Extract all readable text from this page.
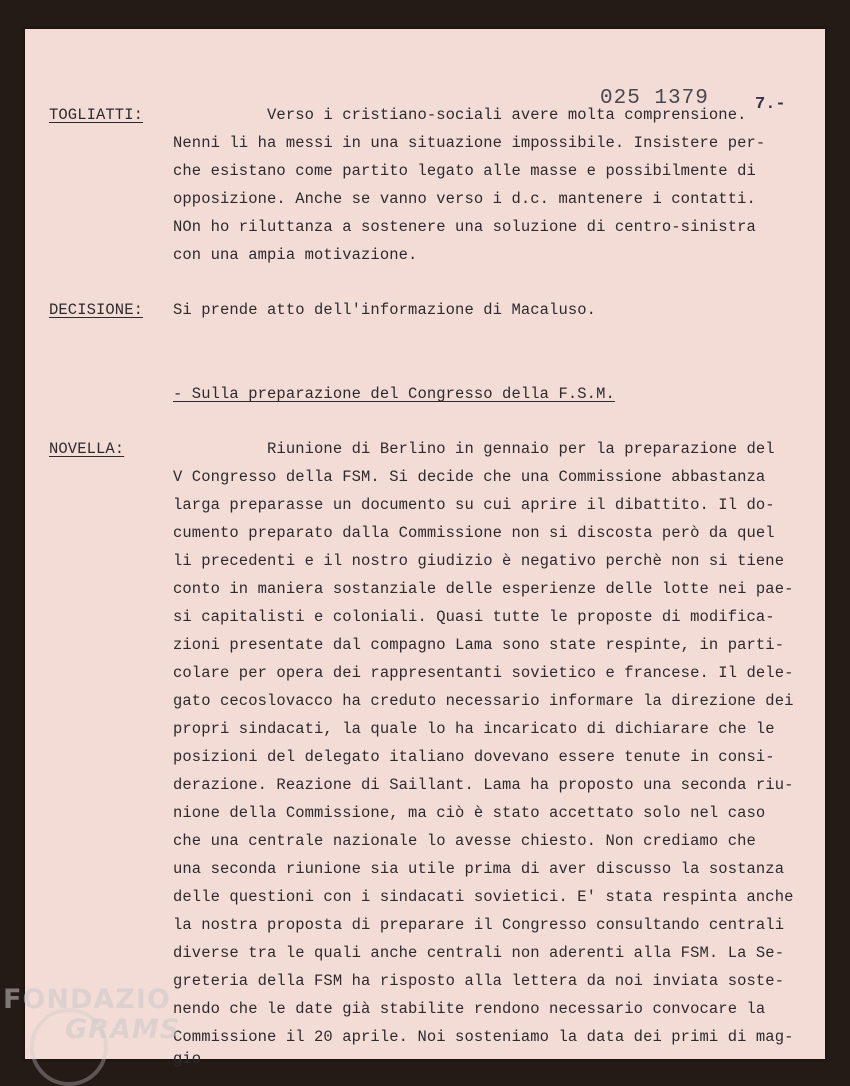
025 1379	7.-
TOGLIATTI: Verso i cristiano-sociali avere molta comprensione.
Nenni li ha messi in una situazione impossibile. Insistere per-
che esistano come partito legato alle masse e possibilmente di
opposizione. Anche se vanno verso i d.c. mantenere i contatti.
NOn ho riluttanza a sostenere una soluzione di centro-sinistra
con una ampia motivazione.
DECISIONE: Si prende atto dell'informazione di Macaluso.
- Sulla preparazione del Congresso della F.S.M.
NOVELLA:	Riunione di Berlino in gennaio per la preparazione del
V Congresso della FSM. Si decide che una Commissione abbastanza
larga preparasse un documento su cui aprire il dibattito. Il do-
cumento preparato dalla Commissione non si discosta però da quel
li precedenti e il nostro giudizio è negativo perchè non si tiene
conto in maniera sostanziale delle esperienze delle lotte nei pae-
si capitalisti e coloniali. Quasi tutte le proposte di modifica-
zioni presentate dal compagno Lama sono state respinte, in parti-
colare per opera dei rappresentanti sovietico e francese. Il dele-
gato cecoslovacco ha creduto necessario informare la direzione dei
propri sindacati, la quale lo ha incaricato di dichiarare che le
posizioni del delegato italiano dovevano essere tenute in consi-
derazione. Reazione di Saillant. Lama ha proposto una seconda riu-
nione della Commissione, ma ciò è stato accettato solo nel caso
che una centrale nazionale lo avesse chiesto. Non crediamo che
una seconda riunione sia utile prima di aver discusso la sostanza
delle questioni con i sindacati sovietici. E' stata respinta anche
la nostra proposta di preparare il Congresso consultando centrali
diverse tra le quali anche centrali non aderenti alla FSM. La Se-
greteria della FSM ha risposto alla lettera da noi inviata soste-
nendo che le date già stabilite rendono necessario convocare la
Commissione il 20 aprile. Noi sosteniamo la data dei primi di mag-
gio
FONDAZIO
GRAMS
